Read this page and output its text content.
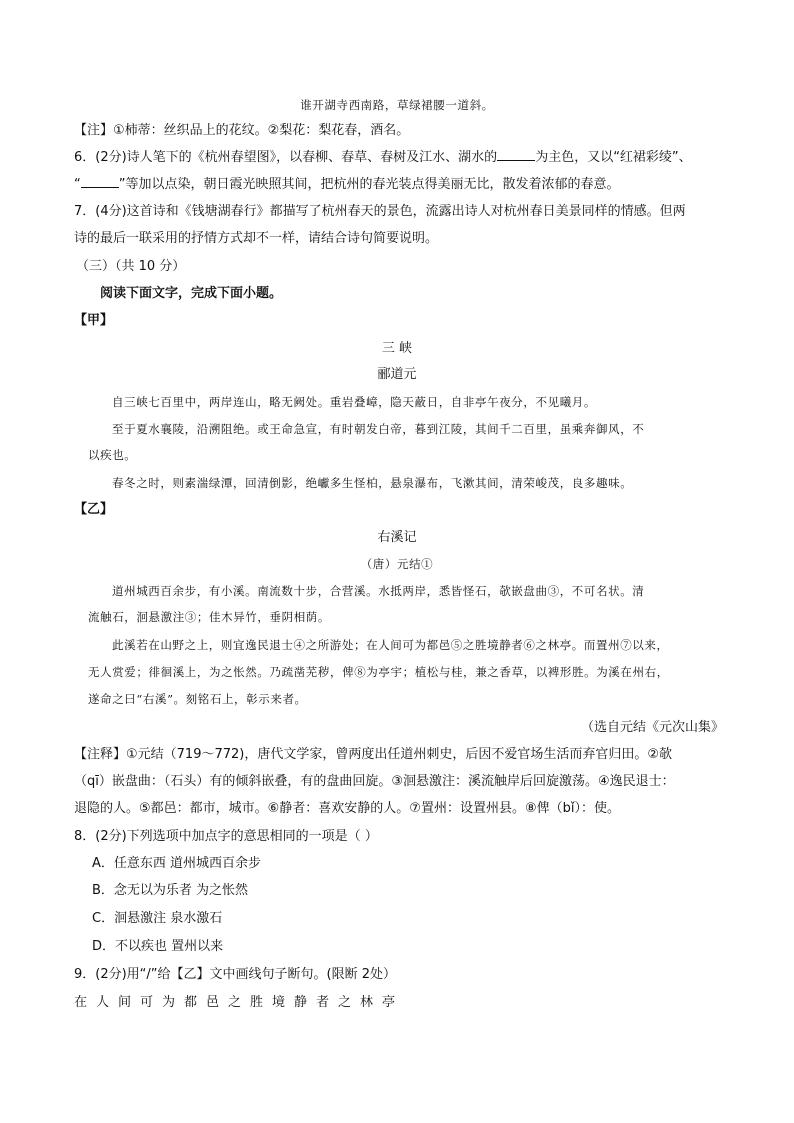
谁开湖寺西南路，草绿裙腰一道斜。
【注】①柿蒂：丝织品上的花纹。②梨花：梨花春，酒名。
6．(2分)诗人笔下的《杭州春望图》，以春柳、春草、春树及江水、湖水的	为主色，又以“红裙彩绫”、
“	”等加以点染，朝日霞光映照其间，把杭州的春光装点得美丽无比，散发着浓郁的春意。
7．(4分)这首诗和《钱塘湖春行》都描写了杭州春天的景色，流露出诗人对杭州春日美景同样的情感。但两
诗的最后一联采用的抒情方式却不一样，请结合诗句简要说明。
（三）（共 10 分）
阅读下面文字，完成下面小题。
【甲】
三 峡
郦道元
自三峡七百里中，两岸连山，略无阙处。重岩叠嶂，隐天蔽日，自非亭午夜分，不见曦月。
至于夏水襄陵，沿溯阻绝。或王命急宣，有时朝发白帝，暮到江陵，其间千二百里，虽乘奔御风，不
以疾也。
春冬之时，则素湍绿潭，回清倒影，绝巘多生怪柏，悬泉瀑布，飞漱其间，清荣峻茂，良多趣味。
【乙】
右溪记
（唐）元结①
道州城西百余步，有小溪。南流数十步，合营溪。水抵两岸，悉皆怪石，欹嵌盘曲③，不可名状。清
流触石，洄悬激注③；佳木异竹，垂阴相荫。
此溪若在山野之上，则宜逸民退士④之所游处；在人间可为都邑⑤之胜境静者⑥之林亭。而置州⑦以来，
无人赏爱；徘徊溪上，为之怅然。乃疏凿芜秽，俾⑧为亭宇；植松与桂，兼之香草，以裨形胜。为溪在州右，
遂命之曰“右溪”。刻铭石上，彰示来者。
（选自元结《元次山集》
【注释】①元结（719～772)，唐代文学家，曾两度出任道州刺史，后因不爱官场生活而弃官归田。②欹
（qī）嵌盘曲：（石头）有的倾斜嵌叠，有的盘曲回旋。③洄悬激注：溪流触岸后回旋激荡。④逸民退士：
退隐的人。⑤都邑：都市，城市。⑥静者：喜欢安静的人。⑦置州：设置州县。⑧俾（bǐ）：使。
8．(2分)下列选项中加点字的意思相同的一项是（ ）
A．任意东西 道州城西百余步
B．念无以为乐者 为之怅然
C．洄悬激注 泉水激石
D．不以疾也 置州以来
9．(2分)用“/”给【乙】文中画线句子断句。(限断 2处）
在人间可为都邑之胜境静者之林亭
